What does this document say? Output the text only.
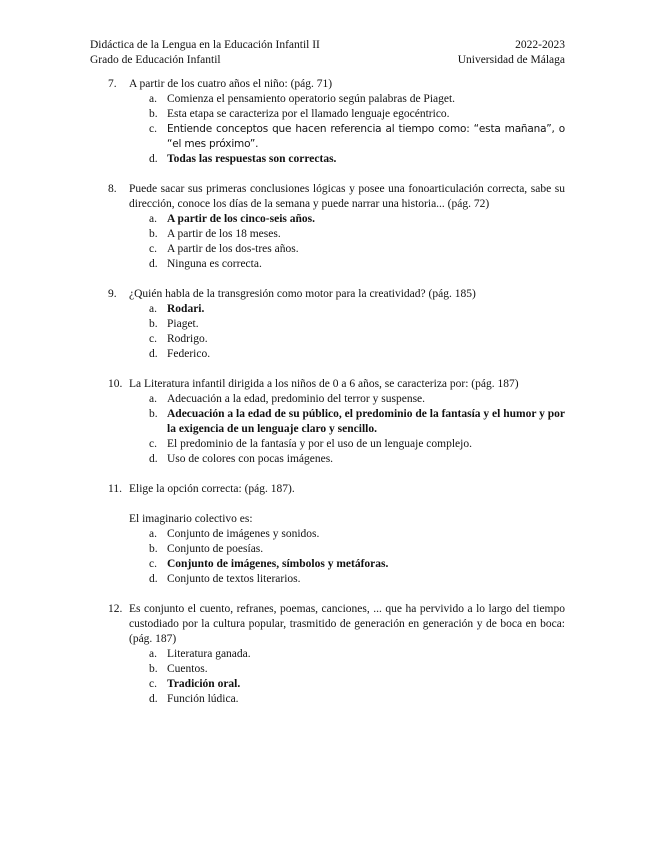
Didáctica de la Lengua en la Educación Infantil II	2022-2023
Grado de Educación Infantil	Universidad de Málaga
7.	A partir de los cuatro años el niño: (pág. 71)
a. Comienza el pensamiento operatorio según palabras de Piaget.
b. Esta etapa se caracteriza por el llamado lenguaje egocéntrico.
c. Entiende conceptos que hacen referencia al tiempo como: “esta mañana”, o “el mes próximo”.
d. Todas las respuestas son correctas.
8.	Puede sacar sus primeras conclusiones lógicas y posee una fonoarticulación correcta, sabe su dirección, conoce los días de la semana y puede narrar una historia... (pág. 72)
a. A partir de los cinco-seis años.
b. A partir de los 18 meses.
c. A partir de los dos-tres años.
d. Ninguna es correcta.
9.	¿Quién habla de la transgresión como motor para la creatividad? (pág. 185)
a. Rodari.
b. Piaget.
c. Rodrigo.
d. Federico.
10. La Literatura infantil dirigida a los niños de 0 a 6 años, se caracteriza por: (pág. 187)
a. Adecuación a la edad, predominio del terror y suspense.
b. Adecuación a la edad de su público, el predominio de la fantasía y el humor y por la exigencia de un lenguaje claro y sencillo.
c. El predominio de la fantasía y por el uso de un lenguaje complejo.
d. Uso de colores con pocas imágenes.
11. Elige la opción correcta: (pág. 187).
El imaginario colectivo es:
a. Conjunto de imágenes y sonidos.
b. Conjunto de poesías.
c. Conjunto de imágenes, símbolos y metáforas.
d. Conjunto de textos literarios.
12. Es conjunto el cuento, refranes, poemas, canciones, ... que ha pervivido a lo largo del tiempo custodiado por la cultura popular, trasmitido de generación en generación y de boca en boca: (pág. 187)
a. Literatura ganada.
b. Cuentos.
c. Tradición oral.
d. Función lúdica.
